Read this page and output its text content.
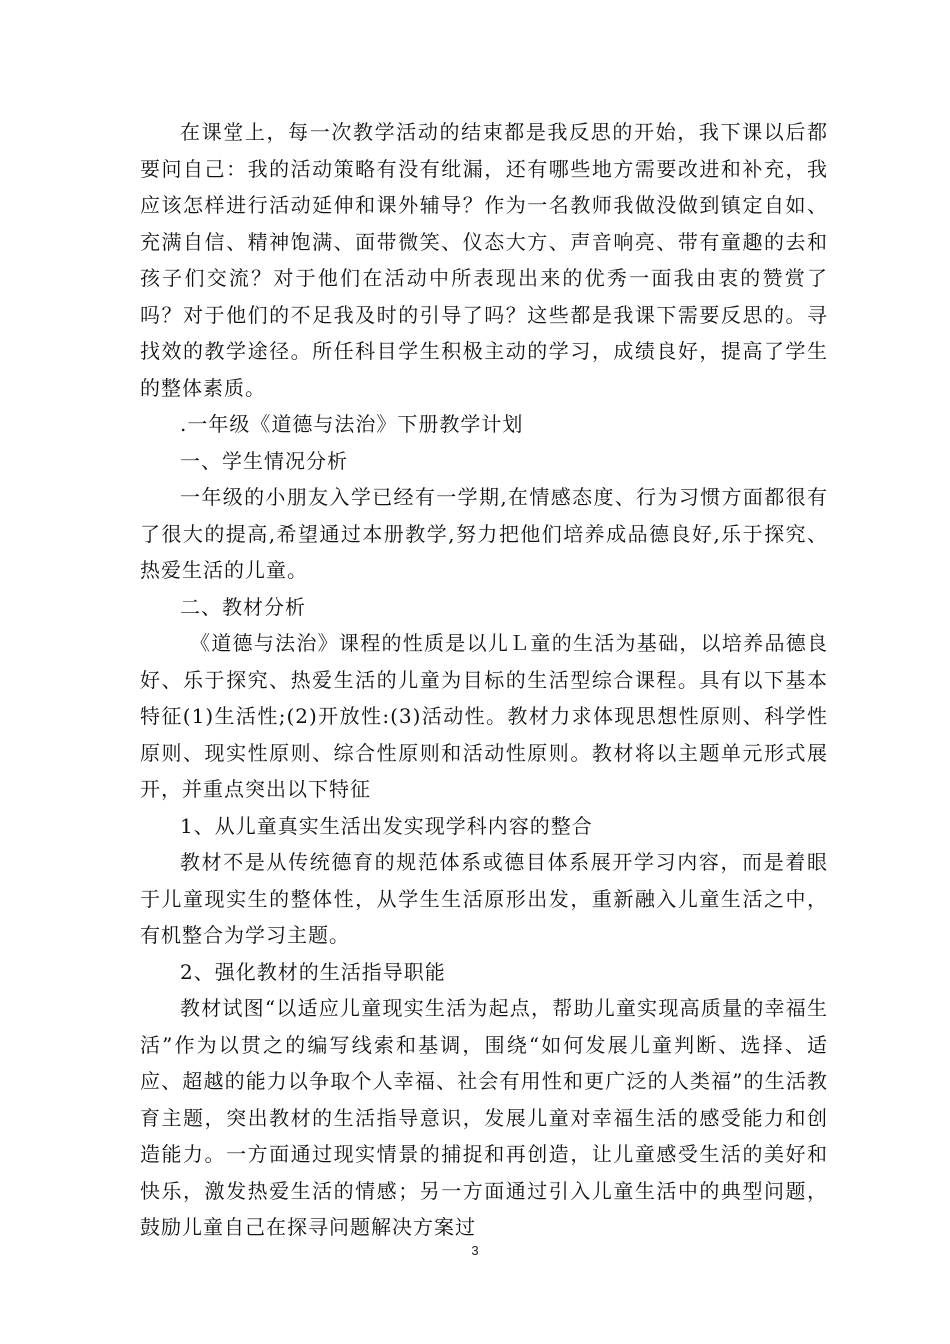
在课堂上，每一次教学活动的结束都是我反思的开始，我下课以后都要问自己：我的活动策略有没有纰漏，还有哪些地方需要改进和补充，我应该怎样进行活动延伸和课外辅导？作为一名教师我做没做到镇定自如、充满自信、精神饱满、面带微笑、仪态大方、声音响亮、带有童趣的去和孩子们交流？对于他们在活动中所表现出来的优秀一面我由衷的赞赏了吗？对于他们的不足我及时的引导了吗？这些都是我课下需要反思的。寻找效的教学途径。所任科目学生积极主动的学习，成绩良好，提高了学生的整体素质。

.一年级《道德与法治》下册教学计划

一、学生情况分析

一年级的小朋友入学已经有一学期,在情感态度、行为习惯方面都很有了很大的提高,希望通过本册教学,努力把他们培养成品德良好,乐于探究、热爱生活的儿童。

二、教材分析

《道德与法治》课程的性质是以儿Ｌ童的生活为基础，以培养品德良好、乐于探究、热爱生活的儿童为目标的生活型综合课程。具有以下基本特征(1)生活性;(2)开放性:(3)活动性。教材力求体现思想性原则、科学性原则、现实性原则、综合性原则和活动性原则。教材将以主题单元形式展开，并重点突出以下特征

1、从儿童真实生活出发实现学科内容的整合

教材不是从传统德育的规范体系或德目体系展开学习内容，而是着眼于儿童现实生的整体性，从学生生活原形出发，重新融入儿童生活之中，有机整合为学习主题。

2、强化教材的生活指导职能

教材试图“以适应儿童现实生活为起点，帮助儿童实现高质量的幸福生活”作为以贯之的编写线索和基调，围绕“如何发展儿童判断、选择、适应、超越的能力以争取个人幸福、社会有用性和更广泛的人类福”的生活教育主题，突出教材的生活指导意识，发展儿童对幸福生活的感受能力和创造能力。一方面通过现实情景的捕捉和再创造，让儿童感受生活的美好和快乐，激发热爱生活的情感；另一方面通过引入儿童生活中的典型问题，鼓励儿童自己在探寻问题解决方案过

3
